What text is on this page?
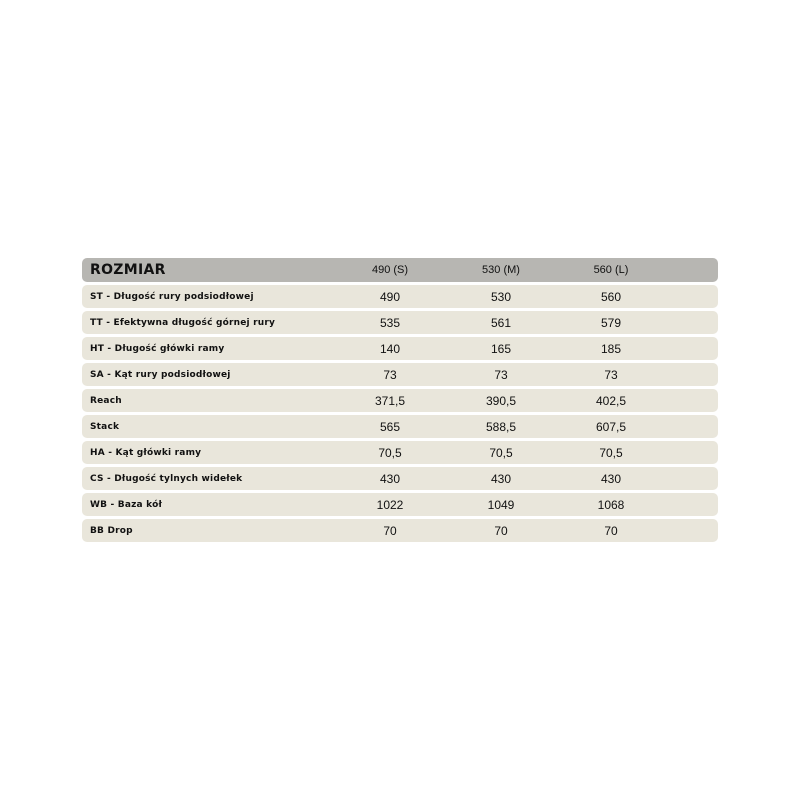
ROZMIAR	490 (S)	530 (M)	560 (L)
ST - Długość rury podsiodłowej	490	530	560
TT - Efektywna długość górnej rury	535	561	579
HT - Długość główki ramy	140	165	185
SA - Kąt rury podsiodłowej	73	73	73
Reach	371,5	390,5	402,5
Stack	565	588,5	607,5
HA - Kąt główki ramy	70,5	70,5	70,5
CS - Długość tylnych widełek	430	430	430
WB - Baza kół	1022	1049	1068
BB Drop	70	70	70
